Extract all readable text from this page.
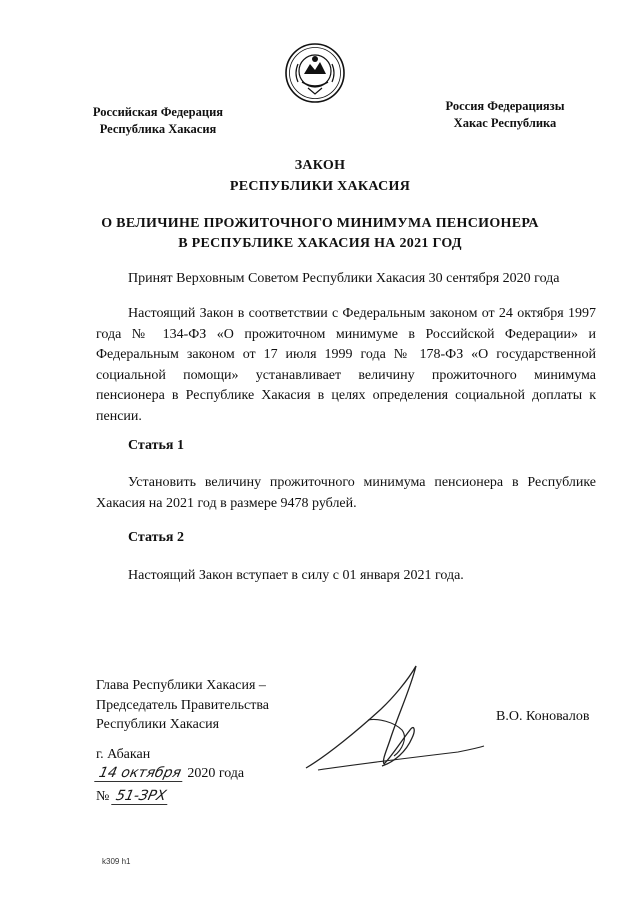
Российская Федерация
Республика Хакасия
Россия Федерациязы
Хакас Республика
ЗАКОН
РЕСПУБЛИКИ ХАКАСИЯ
О ВЕЛИЧИНЕ ПРОЖИТОЧНОГО МИНИМУМА ПЕНСИОНЕРА
В РЕСПУБЛИКЕ ХАКАСИЯ НА 2021 ГОД
Принят Верховным Советом Республики Хакасия 30 сентября 2020 года
Настоящий Закон в соответствии с Федеральным законом от 24 октября 1997 года № 134-ФЗ «О прожиточном минимуме в Российской Федерации» и Федеральным законом от 17 июля 1999 года № 178-ФЗ «О государственной социальной помощи» устанавливает величину прожиточного минимума пенсионера в Республике Хакасия в целях определения социальной доплаты к пенсии.
Статья 1
Установить величину прожиточного минимума пенсионера в Республике Хакасия на 2021 год в размере 9478 рублей.
Статья 2
Настоящий Закон вступает в силу с 01 января 2021 года.
Глава Республики Хакасия –
Председатель Правительства
Республики Хакасия
В.О. Коновалов
г. Абакан
14 октября 2020 года
№ 51-ЗРХ
k309 h1
